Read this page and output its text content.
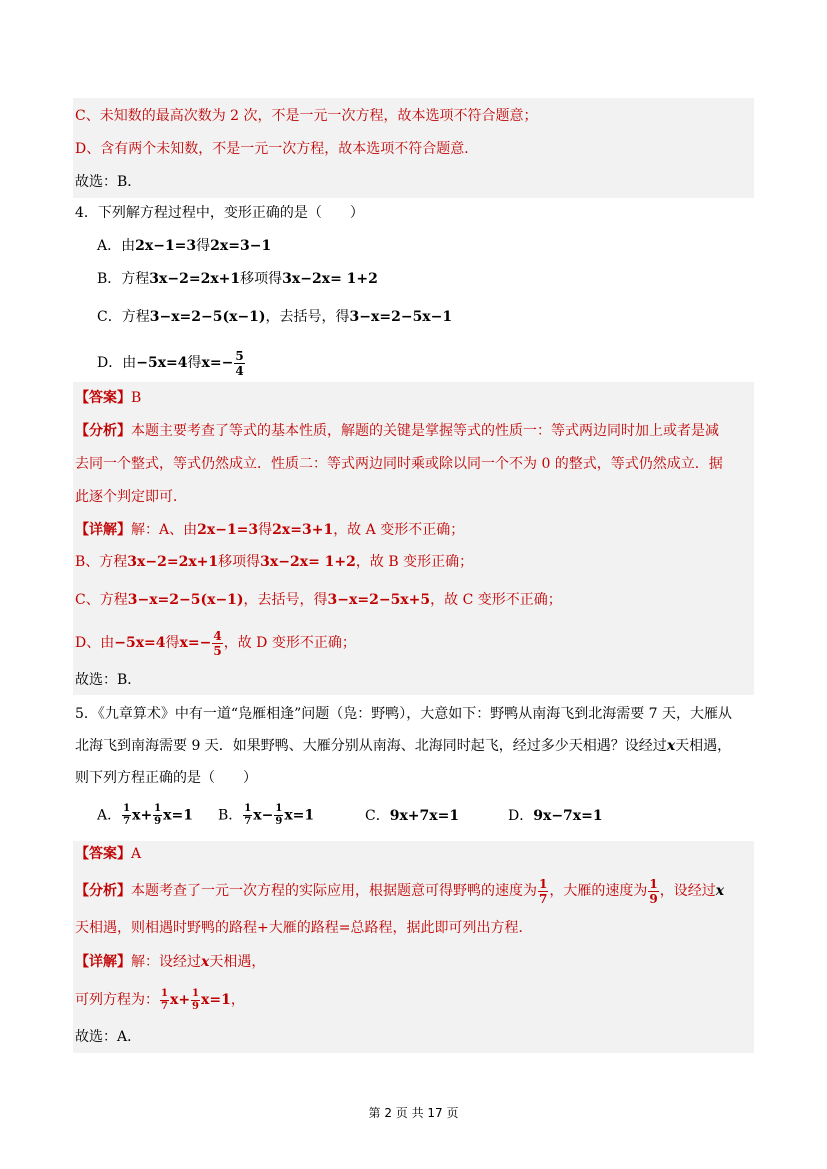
C、未知数的最高次数为 2 次，不是一元一次方程，故本选项不符合题意；
D、含有两个未知数，不是一元一次方程，故本选项不符合题意．
故选：B．
4．下列解方程过程中，变形正确的是（　　）
A．由2x−1=3得2x=3−1
B．方程3x−2=2x+1移项得3x−2x= 1+2
C．方程3−x=2−5(x−1)，去括号，得3−x=2−5x−1
D．由−5x=4得$x=- \frac{5}{4}$
【答案】B
【分析】本题主要考查了等式的基本性质，解题的关键是掌握等式的性质一：等式两边同时加上或者是减
去同一个整式，等式仍然成立．性质二：等式两边同时乘或除以同一个不为 0 的整式，等式仍然成立．据
此逐个判定即可．
【详解】解：A、由2x−1=3得2x=3+1，故 A 变形不正确；
B、方程3x−2=2x+1移项得3x−2x= 1+2，故 B 变形正确；
C、方程3−x=2−5(x−1)，去括号，得3−x=2−5x+5，故 C 变形不正确；
D、由−5x=4得$x=- \frac{4}{5}$ ，故 D 变形不正确；
故选：B．
5．《九章算术》中有一道“凫雁相逢”问题（凫：野鸭），大意如下：野鸭从南海飞到北海需要 7 天，大雁从
北海飞到南海需要 9 天．如果野鸭、大雁分别从南海、北海同时起飞，经过多少天相遇？设经过x天相遇，
则下列方程正确的是（　　）
A． $\frac{1}{7} x+ \frac{1}{9} x=1$ B． $\frac{1}{7} x- \frac{1}{9} x=1$	C．9x+7x=1	D．9x−7x=1
【答案】A
【分析】本题考查了一元一次方程的实际应用，根据题意可得野鸭的速度为 $\frac{1}{7}$ ，大雁的速度为 $\frac{1}{9}$ ，设经过x
天相遇，则相遇时野鸭的路程+大雁的路程=总路程，据此即可列出方程．
【详解】解：设经过x天相遇，
可列方程为： $\frac{1}{7} x+ \frac{1}{9} x=1$，
故选：A．
第 2 页 共 17 页
